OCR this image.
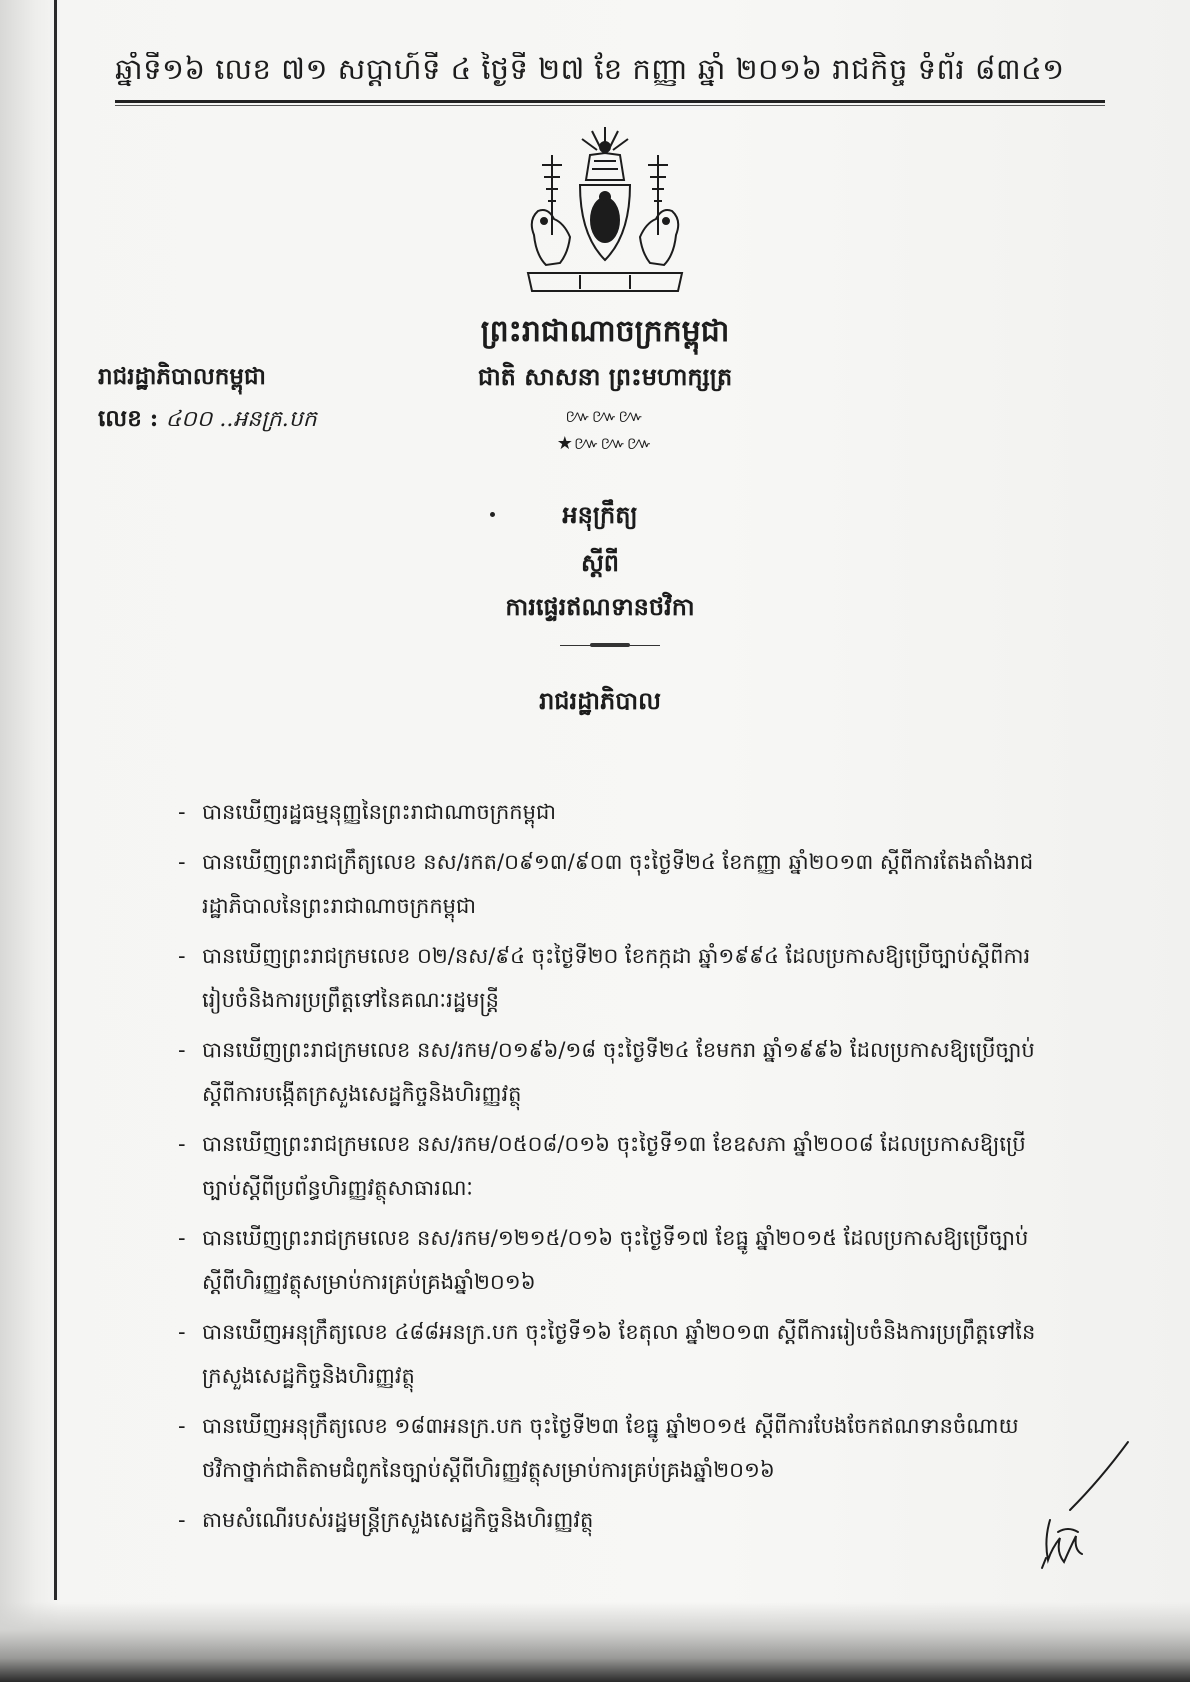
ឆ្នាំទី១៦ លេខ ៧១ សប្តាហ៍ទី ៤ ថ្ងៃទី ២៧ ខែ កញ្ញា ឆ្នាំ ២០១៦ រាជកិច្ច ទំព័រ ៨៣៤១
ព្រះរាជាណាចក្រកម្ពុជា
ជាតិ សាសនា ព្រះមហាក្សត្រ
៚៚៚★៚៚៚
រាជរដ្ឋាភិបាលកម្ពុជា
លេខ : ៤០០ ..អនក្រ.បក
អនុក្រឹត្យ
ស្តីពី
ការផ្ទេរឥណទានថវិកា
រាជរដ្ឋាភិបាល
- បានឃើញរដ្ឋធម្មនុញ្ញនៃព្រះរាជាណាចក្រកម្ពុជា
- បានឃើញព្រះរាជក្រឹត្យលេខ នស/រកត/០៩១៣/៩០៣ ចុះថ្ងៃទី២៤ ខែកញ្ញា ឆ្នាំ២០១៣ ស្តីពីការតែងតាំងរាជរដ្ឋាភិបាលនៃព្រះរាជាណាចក្រកម្ពុជា
- បានឃើញព្រះរាជក្រមលេខ ០២/នស/៩៤ ចុះថ្ងៃទី២០ ខែកក្កដា ឆ្នាំ១៩៩៤ ដែលប្រកាសឱ្យប្រើច្បាប់ស្តីពីការរៀបចំនិងការប្រព្រឹត្តទៅនៃគណៈរដ្ឋមន្ត្រី
- បានឃើញព្រះរាជក្រមលេខ នស/រកម/០១៩៦/១៨ ចុះថ្ងៃទី២៤ ខែមករា ឆ្នាំ១៩៩៦ ដែលប្រកាសឱ្យប្រើច្បាប់ស្តីពីការបង្កើតក្រសួងសេដ្ឋកិច្ចនិងហិរញ្ញវត្ថុ
- បានឃើញព្រះរាជក្រមលេខ នស/រកម/០៥០៨/០១៦ ចុះថ្ងៃទី១៣ ខែឧសភា ឆ្នាំ២០០៨ ដែលប្រកាសឱ្យប្រើច្បាប់ស្តីពីប្រព័ន្ធហិរញ្ញវត្ថុសាធារណៈ
- បានឃើញព្រះរាជក្រមលេខ នស/រកម/១២១៥/០១៦ ចុះថ្ងៃទី១៧ ខែធ្នូ ឆ្នាំ២០១៥ ដែលប្រកាសឱ្យប្រើច្បាប់ស្តីពីហិរញ្ញវត្ថុសម្រាប់ការគ្រប់គ្រងឆ្នាំ២០១៦
- បានឃើញអនុក្រឹត្យលេខ ៤៨៨អនក្រ.បក ចុះថ្ងៃទី១៦ ខែតុលា ឆ្នាំ២០១៣ ស្តីពីការរៀបចំនិងការប្រព្រឹត្តទៅនៃក្រសួងសេដ្ឋកិច្ចនិងហិរញ្ញវត្ថុ
- បានឃើញអនុក្រឹត្យលេខ ១៨៣អនក្រ.បក ចុះថ្ងៃទី២៣ ខែធ្នូ ឆ្នាំ២០១៥ ស្តីពីការបែងចែកឥណទានចំណាយថវិកាថ្នាក់ជាតិតាមជំពូកនៃច្បាប់ស្តីពីហិរញ្ញវត្ថុសម្រាប់ការគ្រប់គ្រងឆ្នាំ២០១៦
- តាមសំណើរបស់រដ្ឋមន្ត្រីក្រសួងសេដ្ឋកិច្ចនិងហិរញ្ញវត្ថុ
